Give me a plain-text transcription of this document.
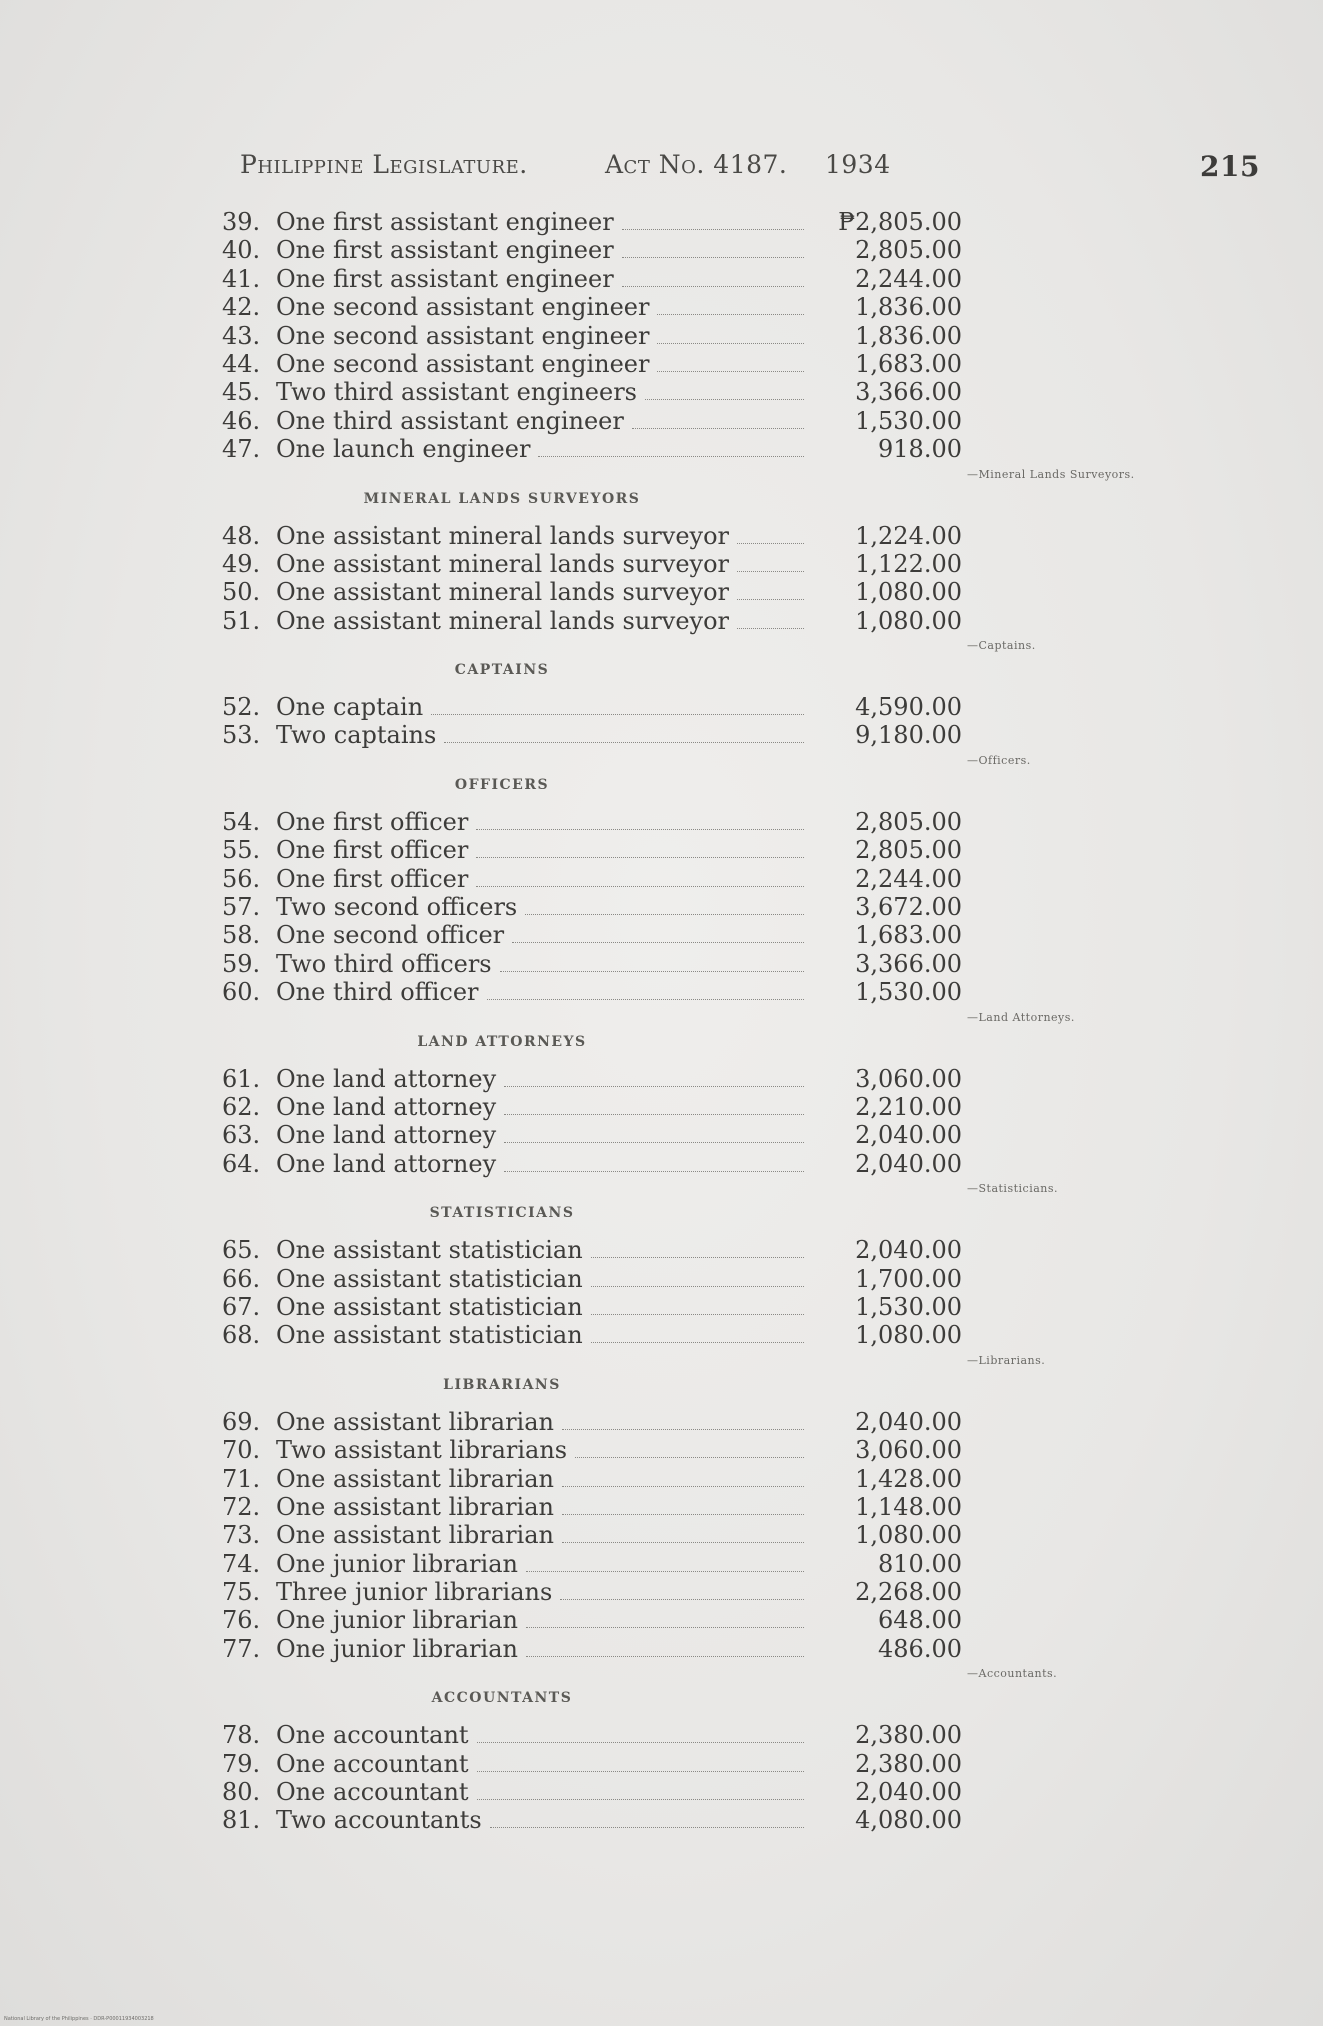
Philippine Legislature.	Act No. 4187. 1934	215
39. One first assistant engineer	₱2,805.00
40. One first assistant engineer	2,805.00
41. One first assistant engineer	2,244.00
42. One second assistant engineer	1,836.00
43. One second assistant engineer	1,836.00
44. One second assistant engineer	1,683.00
45. Two third assistant engineers	3,366.00
46. One third assistant engineer	1,530.00
47. One launch engineer	918.00
MINERAL LANDS SURVEYORS
—Mineral Lands Surveyors.
48. One assistant mineral lands surveyor	1,224.00
49. One assistant mineral lands surveyor	1,122.00
50. One assistant mineral lands surveyor	1,080.00
51. One assistant mineral lands surveyor	1,080.00
CAPTAINS
—Captains.
52. One captain	4,590.00
53. Two captains	9,180.00
OFFICERS
—Officers.
54. One first officer	2,805.00
55. One first officer	2,805.00
56. One first officer	2,244.00
57. Two second officers	3,672.00
58. One second officer	1,683.00
59. Two third officers	3,366.00
60. One third officer	1,530.00
LAND ATTORNEYS
—Land Attorneys.
61. One land attorney	3,060.00
62. One land attorney	2,210.00
63. One land attorney	2,040.00
64. One land attorney	2,040.00
STATISTICIANS
—Statisticians.
65. One assistant statistician	2,040.00
66. One assistant statistician	1,700.00
67. One assistant statistician	1,530.00
68. One assistant statistician	1,080.00
LIBRARIANS
—Librarians.
69. One assistant librarian	2,040.00
70. Two assistant librarians	3,060.00
71. One assistant librarian	1,428.00
72. One assistant librarian	1,148.00
73. One assistant librarian	1,080.00
74. One junior librarian	810.00
75. Three junior librarians	2,268.00
76. One junior librarian	648.00
77. One junior librarian	486.00
ACCOUNTANTS
—Accountants.
78. One accountant	2,380.00
79. One accountant	2,380.00
80. One accountant	2,040.00
81. Two accountants	4,080.00
National Library of the Philippines · DDR-P00011934003218
